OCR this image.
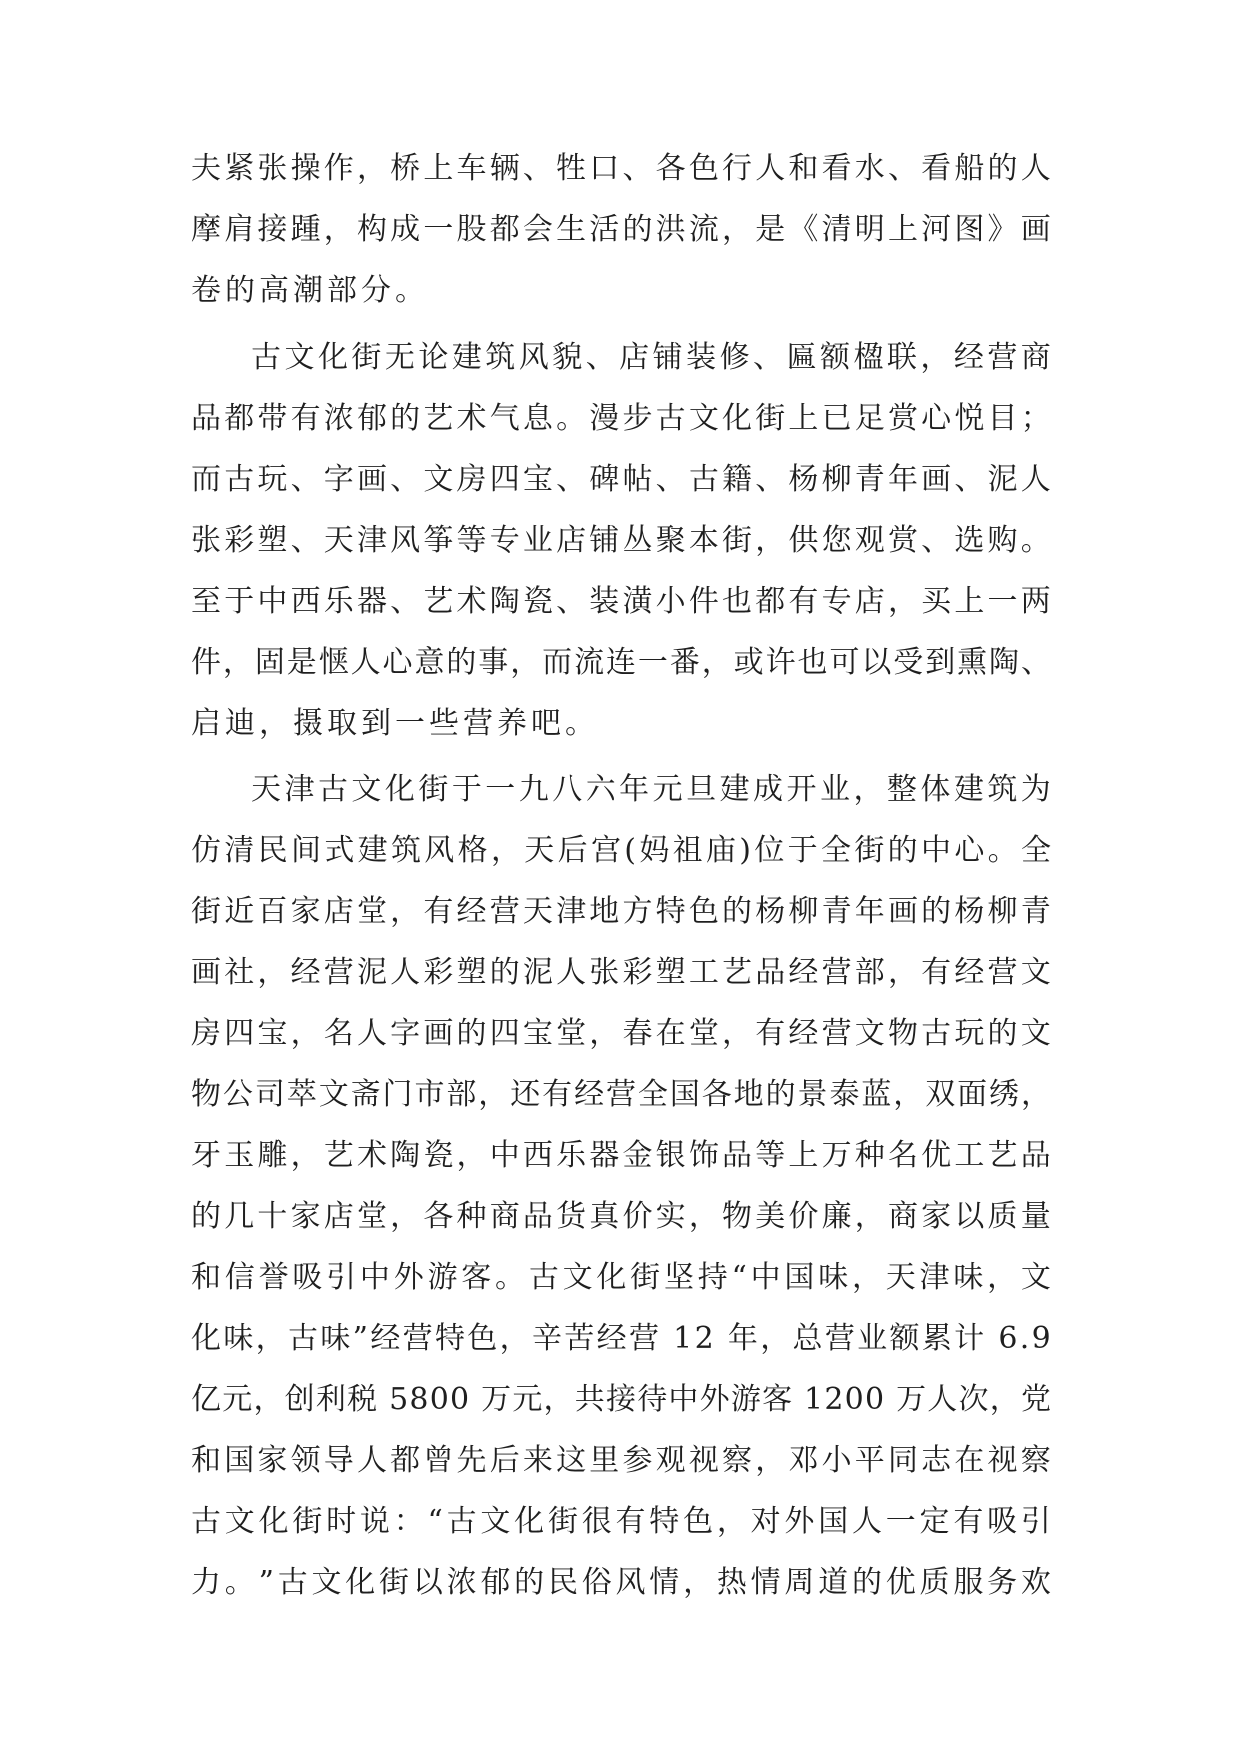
夫 紧 张 操 作 ， 桥 上 车 辆 、 牲 口 、 各 色 行 人 和 看 水 、 看 船 的 人
摩 肩 接 踵 ， 构 成 一 股 都 会 生 活 的 洪 流 ， 是 《 清 明 上 河 图 》 画
卷的高潮部分。
古 文 化 街 无 论 建 筑 风 貌 、 店 铺 装 修 、 匾 额 楹 联 ， 经 营 商
品 都 带 有 浓 郁 的 艺 术 气 息 。 漫 步 古 文 化 街 上 已 足 赏 心 悦 目 ；
而 古 玩 、 字 画 、 文 房 四 宝 、 碑 帖 、 古 籍 、 杨 柳 青 年 画 、 泥 人
张 彩 塑 、 天 津 风 筝 等 专 业 店 铺 丛 聚 本 街 ， 供 您 观 赏 、 选 购 。
至 于 中 西 乐 器 、 艺 术 陶 瓷 、 装 潢 小 件 也 都 有 专 店 ， 买 上 一 两
件 ， 固 是 惬 人 心 意 的 事 ， 而 流 连 一 番 ， 或 许 也 可 以 受 到 熏 陶 、
启迪，摄取到一些营养吧。
天 津 古 文 化 街 于 一 九 八 六 年 元 旦 建 成 开 业 ， 整 体 建 筑 为
仿 清 民 间 式 建 筑 风 格 ， 天 后 宫 ( 妈 祖 庙 ) 位 于 全 街 的 中 心 。 全
街 近 百 家 店 堂 ， 有 经 营 天 津 地 方 特 色 的 杨 柳 青 年 画 的 杨 柳 青
画 社 ， 经 营 泥 人 彩 塑 的 泥 人 张 彩 塑 工 艺 品 经 营 部 ， 有 经 营 文
房 四 宝 ， 名 人 字 画 的 四 宝 堂 ， 春 在 堂 ， 有 经 营 文 物 古 玩 的 文
物 公 司 萃 文 斋 门 市 部 ， 还 有 经 营 全 国 各 地 的 景 泰 蓝 ， 双 面 绣 ，
牙 玉 雕 ， 艺 术 陶 瓷 ， 中 西 乐 器 金 银 饰 品 等 上 万 种 名 优 工 艺 品
的 几 十 家 店 堂 ， 各 种 商 品 货 真 价 实 ， 物 美 价 廉 ， 商 家 以 质 量
和 信 誉 吸 引 中 外 游 客 。 古 文 化 街 坚 持 “ 中 国 味 ， 天 津 味 ， 文
化 味 ， 古 味 ” 经 营 特 色 ， 辛 苦 经 营
1 2
年 ， 总 营 业 额 累 计
6 . 9
亿 元 ， 创 利 税
5 8 0 0
万 元 ， 共 接 待 中 外 游 客
1 2 0 0
万 人 次 ， 党
和 国 家 领 导 人 都 曾 先 后 来 这 里 参 观 视 察 ， 邓 小 平 同 志 在 视 察
古 文 化 街 时 说 ： “ 古 文 化 街 很 有 特 色 ， 对 外 国 人 一 定 有 吸 引
力 。 ” 古 文 化 街 以 浓 郁 的 民 俗 风 情 ， 热 情 周 道 的 优 质 服 务 欢
